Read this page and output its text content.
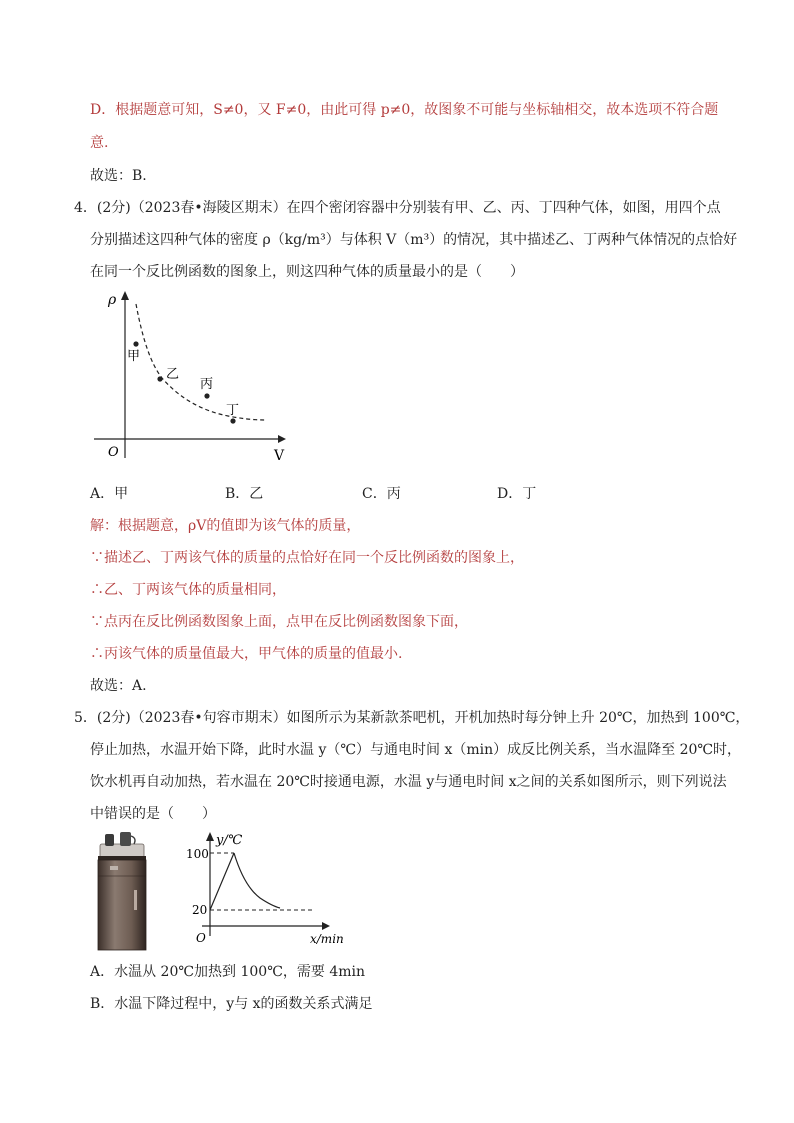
D．根据题意可知，S≠0，又 F≠0，由此可得 p≠0，故图象不可能与坐标轴相交，故本选项不符合题
意.
故选：B.
4．(2分)（2023春•海陵区期末）在四个密闭容器中分别装有甲、乙、丙、丁四种气体，如图，用四个点
分别描述这四种气体的密度 ρ（kg/m³）与体积 V（m³）的情况，其中描述乙、丁两种气体情况的点恰好
在同一个反比例函数的图象上，则这四种气体的质量最小的是（　　）
ρ
V
O
甲
乙
丙
丁
A．甲	B．乙	C．丙	D．丁
解：根据题意，ρV的值即为该气体的质量，
∵描述乙、丁两该气体的质量的点恰好在同一个反比例函数的图象上，
∴乙、丁两该气体的质量相同，
∵点丙在反比例函数图象上面，点甲在反比例函数图象下面，
∴丙该气体的质量值最大，甲气体的质量的值最小.
故选：A.
5．(2分)（2023春•句容市期末）如图所示为某新款茶吧机，开机加热时每分钟上升 20℃，加热到 100℃，
停止加热，水温开始下降，此时水温 y（℃）与通电时间 x（min）成反比例关系，当水温降至 20℃时，
饮水机再自动加热，若水温在 20℃时接通电源，水温 y与通电时间 x之间的关系如图所示，则下列说法
中错误的是（　　）
y/℃
x/min
O
100
20
A．水温从 20℃加热到 100℃，需要 4min
B．水温下降过程中，y与 x的函数关系式满足
